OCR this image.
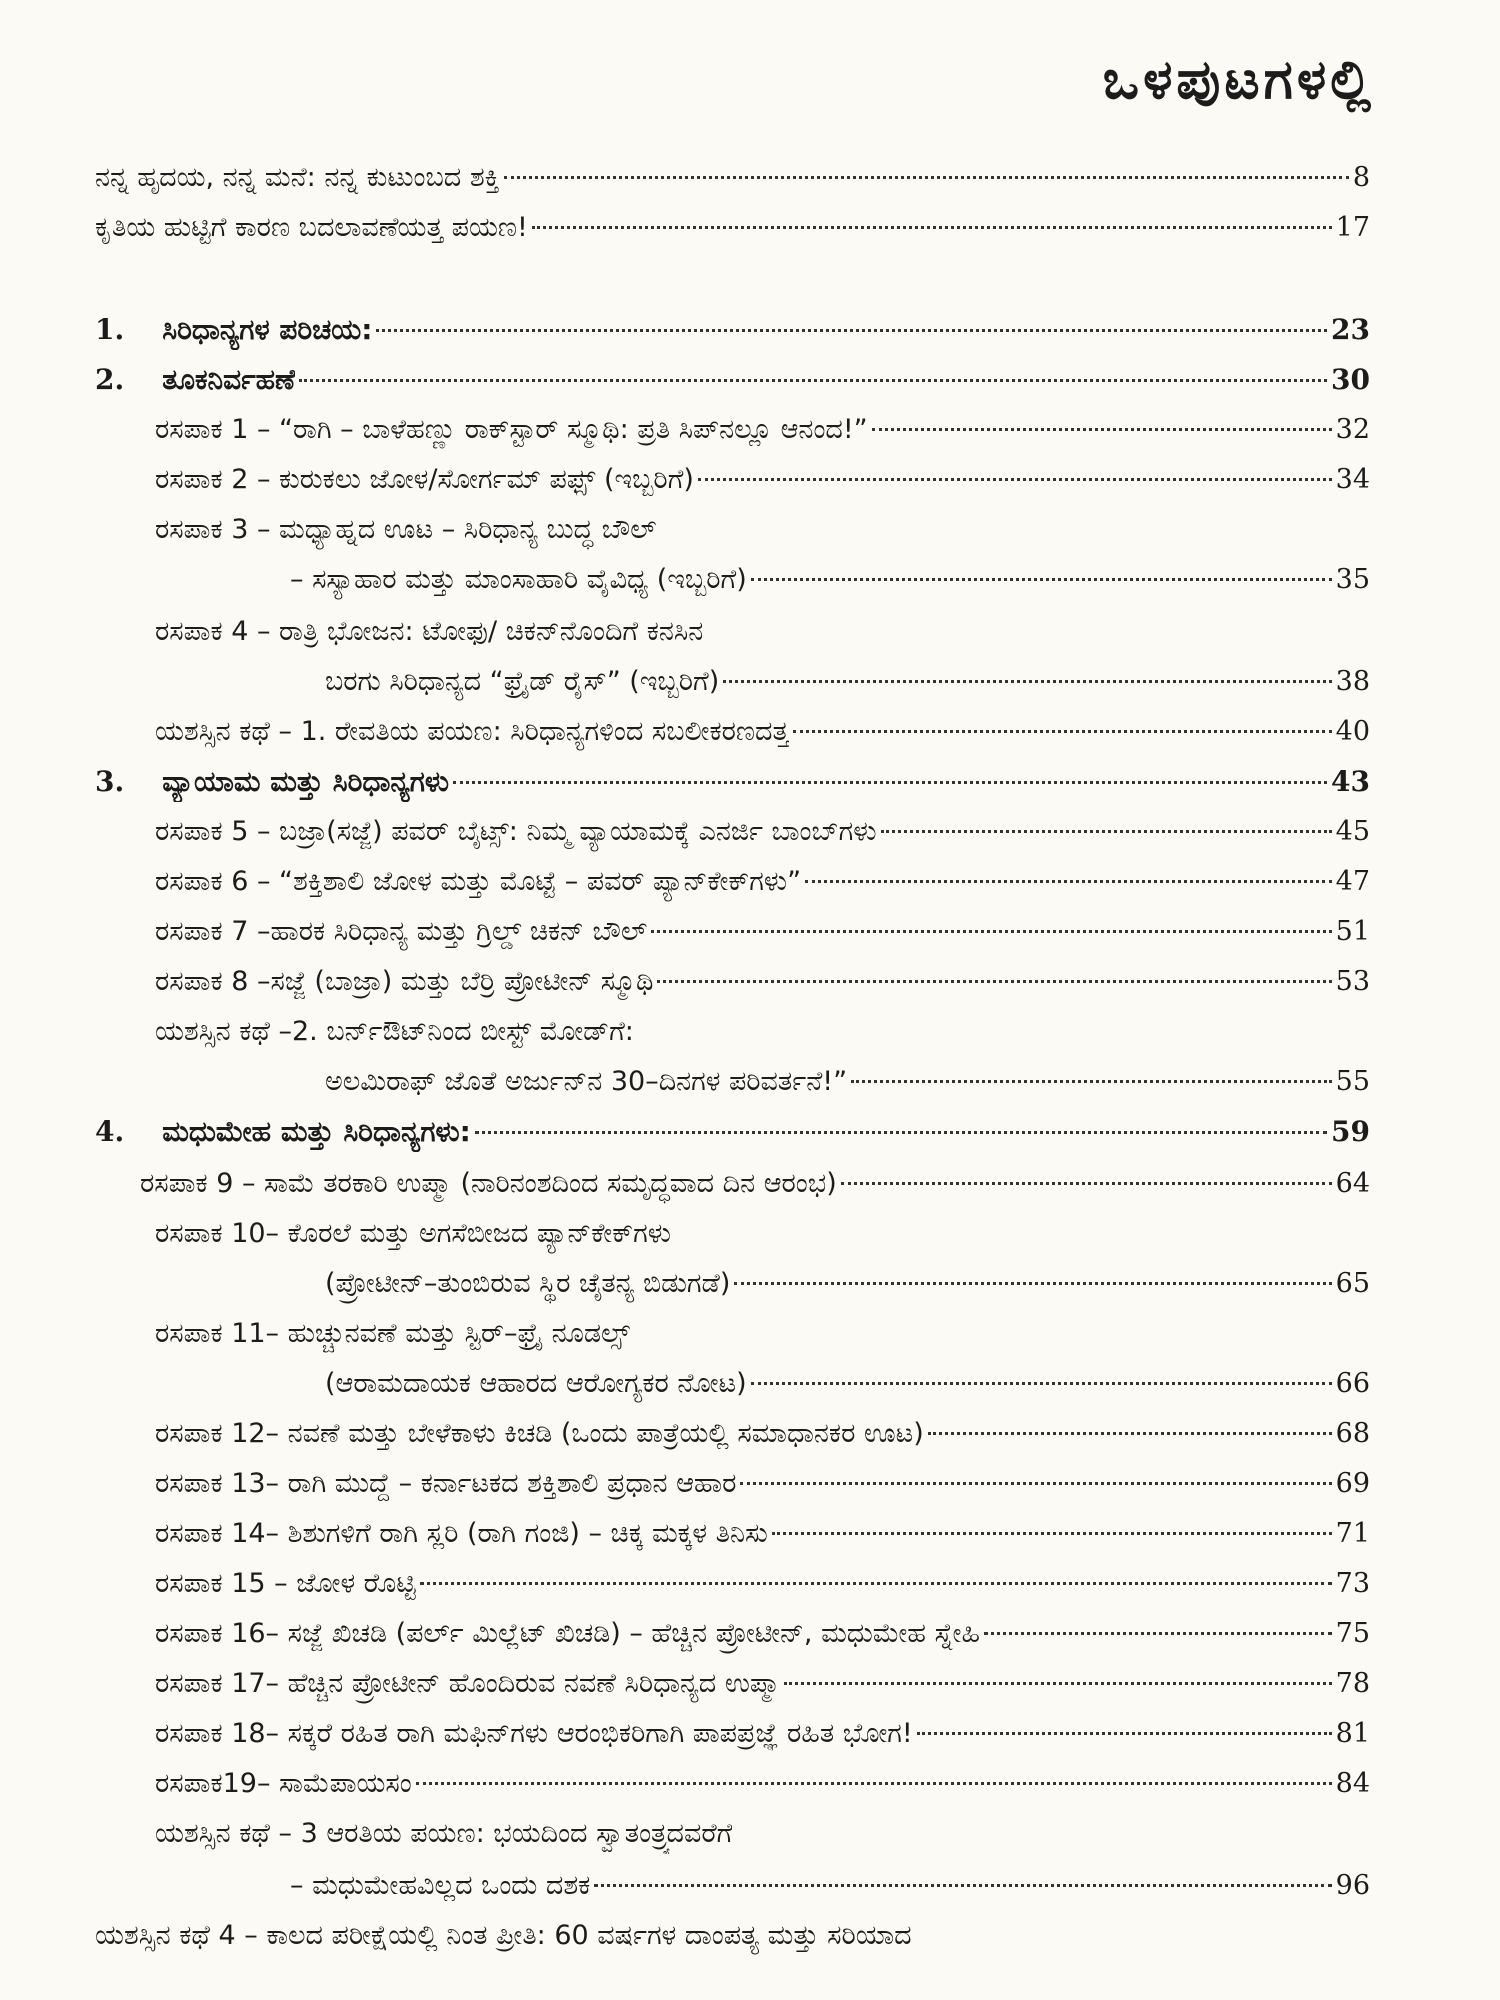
ಒಳಪುಟಗಳಲ್ಲಿ
ನನ್ನ ಹೃದಯ, ನನ್ನ ಮನೆ: ನನ್ನ ಕುಟುಂಬದ ಶಕ್ತಿ	8
ಕೃತಿಯ ಹುಟ್ಟಿಗೆ ಕಾರಣ ಬದಲಾವಣೆಯತ್ತ ಪಯಣ!	17
1. ಸಿರಿಧಾನ್ಯಗಳ ಪರಿಚಯ:	23
2. ತೂಕನಿರ್ವಹಣೆ	30
ರಸಪಾಕ 1 – “ರಾಗಿ – ಬಾಳೆಹಣ್ಣು ರಾಕ್‌ಸ್ಟಾರ್ ಸ್ಮೂಥಿ: ಪ್ರತಿ ಸಿಪ್‌ನಲ್ಲೂ ಆನಂದ!”	32
ರಸಪಾಕ 2 – ಕುರುಕಲು ಜೋಳ/ಸೋರ್ಗಮ್ ಪಫ್ಸ್ (ಇಬ್ಬರಿಗೆ)	34
ರಸಪಾಕ 3 – ಮಧ್ಯಾಹ್ನದ ಊಟ – ಸಿರಿಧಾನ್ಯ ಬುದ್ಧ ಬೌಲ್
– ಸಸ್ಯಾಹಾರ ಮತ್ತು ಮಾಂಸಾಹಾರಿ ವೈವಿಧ್ಯ (ಇಬ್ಬರಿಗೆ)	35
ರಸಪಾಕ 4 – ರಾತ್ರಿ ಭೋಜನ: ಟೋಫು/ ಚಿಕನ್‌ನೊಂದಿಗೆ ಕನಸಿನ
ಬರಗು ಸಿರಿಧಾನ್ಯದ “ಫ್ರೈಡ್ ರೈಸ್” (ಇಬ್ಬರಿಗೆ)	38
ಯಶಸ್ಸಿನ ಕಥೆ – 1. ರೇವತಿಯ ಪಯಣ: ಸಿರಿಧಾನ್ಯಗಳಿಂದ ಸಬಲೀಕರಣದತ್ತ	40
3. ವ್ಯಾಯಾಮ ಮತ್ತು ಸಿರಿಧಾನ್ಯಗಳು	43
ರಸಪಾಕ 5 – ಬಜ್ರಾ(ಸಜ್ಜೆ) ಪವರ್ ಬೈಟ್ಸ್: ನಿಮ್ಮ ವ್ಯಾಯಾಮಕ್ಕೆ ಎನರ್ಜಿ ಬಾಂಬ್‌ಗಳು	45
ರಸಪಾಕ 6 – “ಶಕ್ತಿಶಾಲಿ ಜೋಳ ಮತ್ತು ಮೊಟ್ಟೆ – ಪವರ್ ಪ್ಯಾನ್‌ಕೇಕ್‌ಗಳು”	47
ರಸಪಾಕ 7 –ಹಾರಕ ಸಿರಿಧಾನ್ಯ ಮತ್ತು ಗ್ರಿಲ್ಡ್ ಚಿಕನ್ ಬೌಲ್	51
ರಸಪಾಕ 8 –ಸಜ್ಜೆ (ಬಾಜ್ರಾ) ಮತ್ತು ಬೆರ್ರಿ ಪ್ರೋಟೀನ್ ಸ್ಮೂಥಿ	53
ಯಶಸ್ಸಿನ ಕಥೆ –2. ಬರ್ನ್‌ಔಟ್‌ನಿಂದ ಬೀಸ್ಟ್ ಮೋಡ್‌ಗೆ:
ಅಲಮಿರಾಫ್ ಜೊತೆ ಅರ್ಜುನ್‌ನ 30–ದಿನಗಳ ಪರಿವರ್ತನೆ!”	55
4. ಮಧುಮೇಹ ಮತ್ತು ಸಿರಿಧಾನ್ಯಗಳು:	59
ರಸಪಾಕ 9 – ಸಾಮೆ ತರಕಾರಿ ಉಪ್ಮಾ (ನಾರಿನಂಶದಿಂದ ಸಮೃದ್ಧವಾದ ದಿನ ಆರಂಭ)	64
ರಸಪಾಕ 10– ಕೊರಲೆ ಮತ್ತು ಅಗಸೆಬೀಜದ ಪ್ಯಾನ್‌ಕೇಕ್‌ಗಳು
(ಪ್ರೋಟೀನ್–ತುಂಬಿರುವ ಸ್ಥಿರ ಚೈತನ್ಯ ಬಿಡುಗಡೆ)	65
ರಸಪಾಕ 11– ಹುಚ್ಚುನವಣೆ ಮತ್ತು ಸ್ಟಿರ್–ಫ್ರೈ ನೂಡಲ್ಸ್
(ಆರಾಮದಾಯಕ ಆಹಾರದ ಆರೋಗ್ಯಕರ ನೋಟ)	66
ರಸಪಾಕ 12– ನವಣೆ ಮತ್ತು ಬೇಳೆಕಾಳು ಕಿಚಡಿ (ಒಂದು ಪಾತ್ರೆಯಲ್ಲಿ ಸಮಾಧಾನಕರ ಊಟ)	68
ರಸಪಾಕ 13– ರಾಗಿ ಮುದ್ದೆ – ಕರ್ನಾಟಕದ ಶಕ್ತಿಶಾಲಿ ಪ್ರಧಾನ ಆಹಾರ	69
ರಸಪಾಕ 14– ಶಿಶುಗಳಿಗೆ ರಾಗಿ ಸ್ಲರಿ (ರಾಗಿ ಗಂಜಿ) – ಚಿಕ್ಕ ಮಕ್ಕಳ ತಿನಿಸು	71
ರಸಪಾಕ 15 – ಜೋಳ ರೊಟ್ಟಿ	73
ರಸಪಾಕ 16– ಸಜ್ಜೆ ಖಿಚಡಿ (ಪರ್ಲ್ ಮಿಲ್ಲೆಟ್ ಖಿಚಡಿ) – ಹೆಚ್ಚಿನ ಪ್ರೋಟೀನ್, ಮಧುಮೇಹ ಸ್ನೇಹಿ	75
ರಸಪಾಕ 17– ಹೆಚ್ಚಿನ ಪ್ರೋಟೀನ್ ಹೊಂದಿರುವ ನವಣೆ ಸಿರಿಧಾನ್ಯದ ಉಪ್ಮಾ	78
ರಸಪಾಕ 18– ಸಕ್ಕರೆ ರಹಿತ ರಾಗಿ ಮಫಿನ್‌ಗಳು ಆರಂಭಿಕರಿಗಾಗಿ ಪಾಪಪ್ರಜ್ಞೆ ರಹಿತ ಭೋಗ!	81
ರಸಪಾಕ19– ಸಾಮೆಪಾಯಸಂ	84
ಯಶಸ್ಸಿನ ಕಥೆ – 3 ಆರತಿಯ ಪಯಣ: ಭಯದಿಂದ ಸ್ವಾತಂತ್ರ್ಯದವರೆಗೆ
– ಮಧುಮೇಹವಿಲ್ಲದ ಒಂದು ದಶಕ	96
ಯಶಸ್ಸಿನ ಕಥೆ 4 – ಕಾಲದ ಪರೀಕ್ಷೆಯಲ್ಲಿ ನಿಂತ ಪ್ರೀತಿ: 60 ವರ್ಷಗಳ ದಾಂಪತ್ಯ ಮತ್ತು ಸರಿಯಾದ
